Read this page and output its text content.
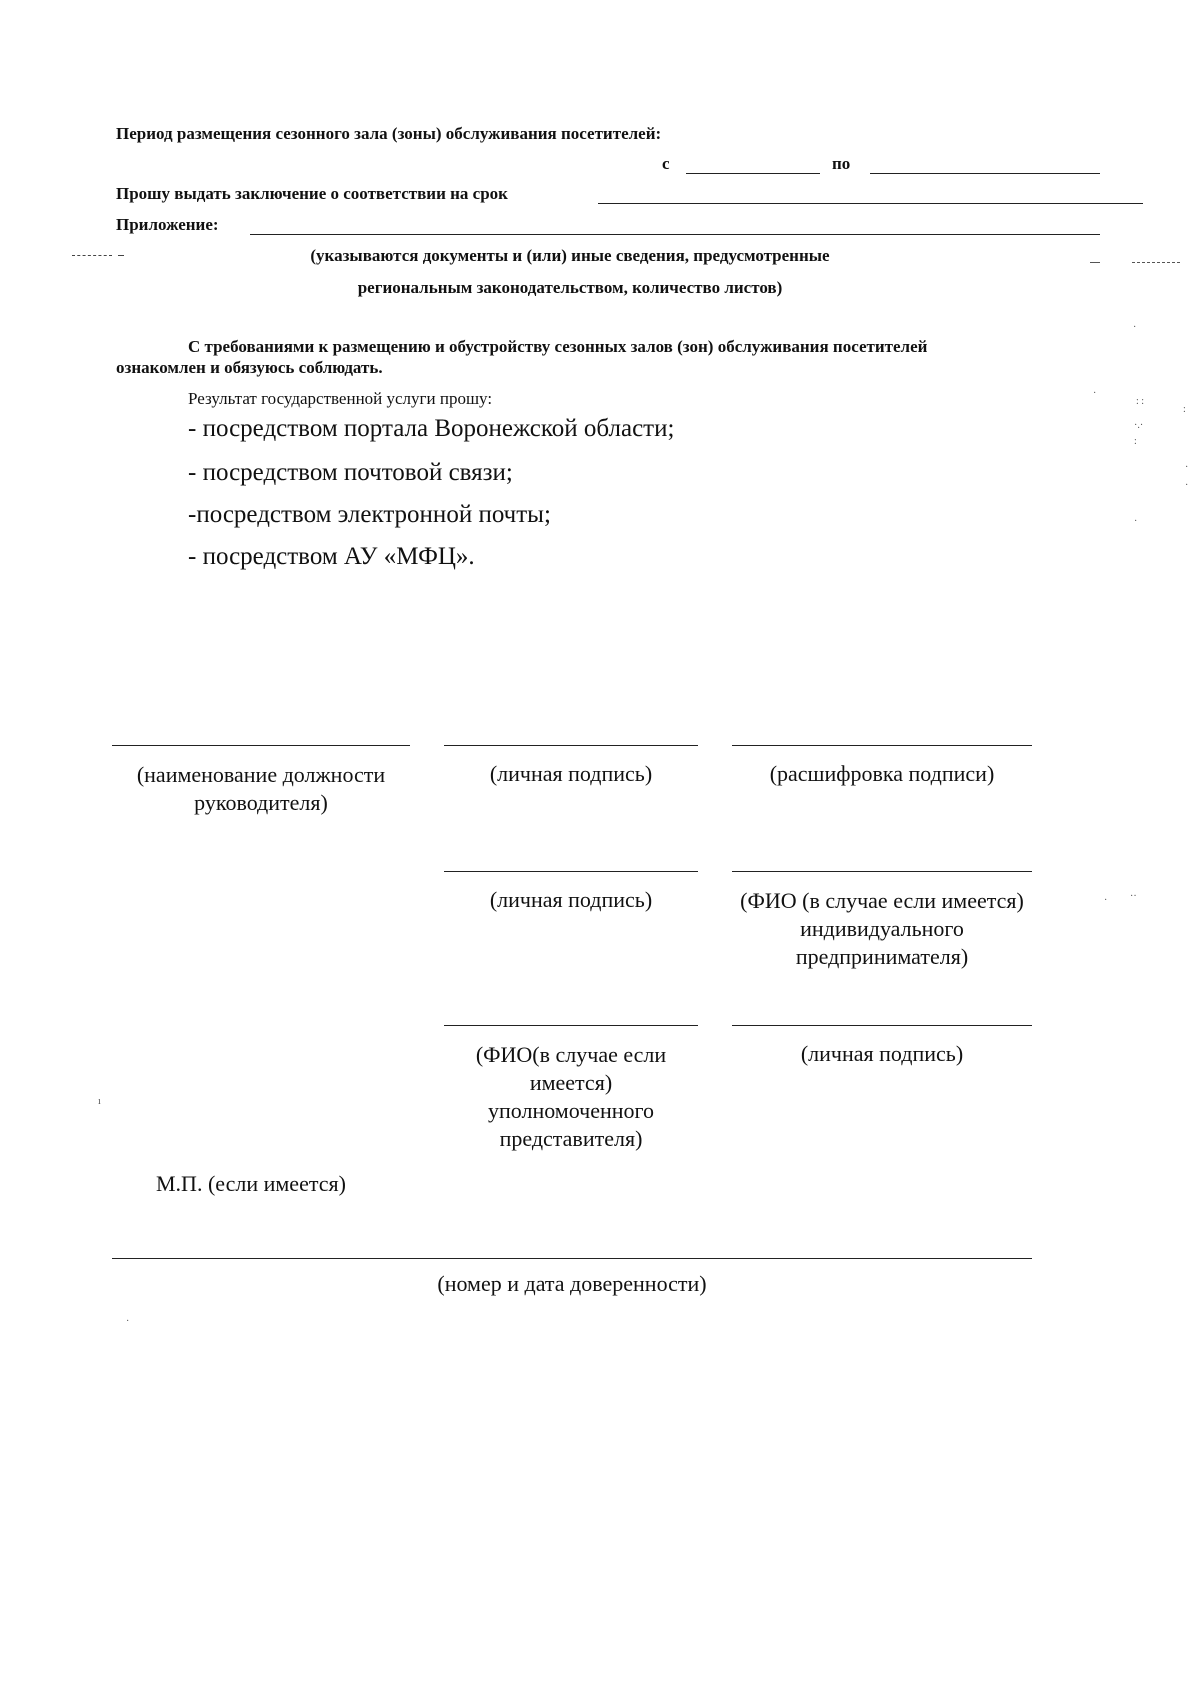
Период размещения сезонного зала (зоны) обслуживания посетителей:
с	по
Прошу выдать заключение о соответствии на срок
Приложение:
(указываются документы и (или) иные сведения, предусмотренные
региональным законодательством, количество листов)
С требованиями к размещению и обустройству сезонных залов (зон) обслуживания посетителей
ознакомлен и обязуюсь соблюдать.
Результат государственной услуги прошу:
- посредством портала Воронежской области;
- посредством почтовой связи;
-посредством электронной почты;
- посредством АУ «МФЦ».
(наименование должности руководителя)
(личная подпись)	(расшифровка подписи)
(личная подпись)	(ФИО (в случае если имеется) индивидуального предпринимателя)
(ФИО(в случае если имеется) уполномоченного представителя)
(личная подпись)
М.П. (если имеется)
(номер и дата доверенности)
·
·
: :
:
·.·
:
·
·
·
· ··
ı
·
